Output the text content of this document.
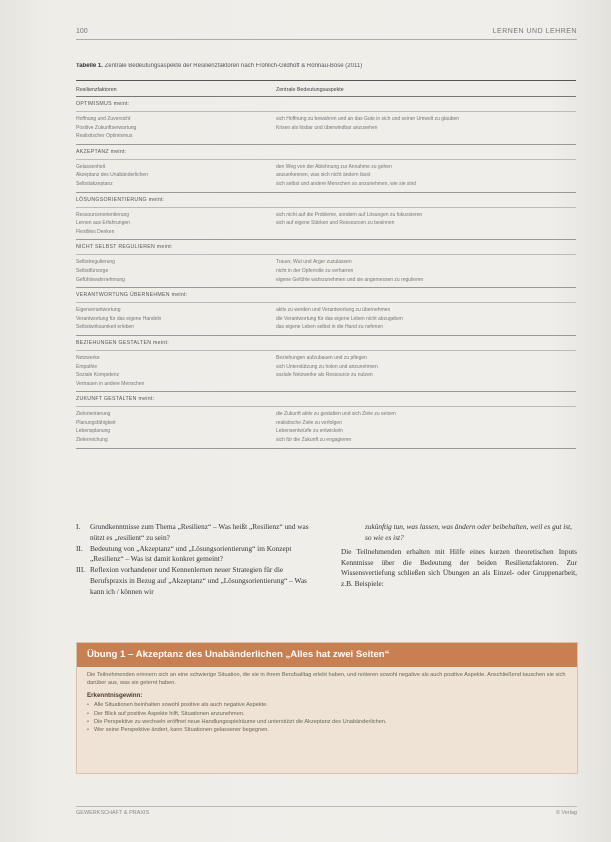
100	LERNEN UND LEHREN
Tabelle 1. Zentrale Bedeutungsaspekte der Resilienzfaktoren nach Fröhlich-Gildhoff & Rönnau-Böse (2011)
Resilienzfaktoren	Zentrale Bedeutungsaspekte
OPTIMISMUS meint:
Hoffnung und Zuversicht	sich Hoffnung zu bewahren und an das Gute in sich und seiner Umwelt zu glauben
Positive Zukunftserwartung	Krisen als lösbar und überwindbar anzusehen
Realistischer Optimismus
AKZEPTANZ meint:
Gelassenheit	den Weg von der Ablehnung zur Annahme zu gehen
Akzeptanz des Unabänderlichen	anzuerkennen, was sich nicht ändern lässt
Selbstakzeptanz	sich selbst und andere Menschen so anzunehmen, wie sie sind
LÖSUNGSORIENTIERUNG meint:
Ressourcenorientierung	sich nicht auf die Probleme, sondern auf Lösungen zu fokussieren
Lernen aus Erfahrungen	sich auf eigene Stärken und Ressourcen zu besinnen
Flexibles Denken
NICHT SELBST REGULIEREN meint:
Selbstregulierung	Trauer, Wut und Ärger zuzulassen
Selbstfürsorge	nicht in der Opferrolle zu verharren
Gefühlswahrnehmung	eigene Gefühle wahrzunehmen und sie angemessen zu regulieren
VERANTWORTUNG ÜBERNEHMEN meint:
Eigenverantwortung	aktiv zu werden und Verantwortung zu übernehmen
Verantwortung für das eigene Handeln	die Verantwortung für das eigene Leben nicht abzugeben
Selbstwirksamkeit erleben	das eigene Leben selbst in die Hand zu nehmen
BEZIEHUNGEN GESTALTEN meint:
Netzwerke	Beziehungen aufzubauen und zu pflegen
Empathie	sich Unterstützung zu holen und anzunehmen
Soziale Kompetenz	soziale Netzwerke als Ressource zu nutzen
Vertrauen in andere Menschen
ZUKUNFT GESTALTEN meint:
Zielorientierung	die Zukunft aktiv zu gestalten und sich Ziele zu setzen
Planungsfähigkeit	realistische Ziele zu verfolgen
Lebensplanung	Lebensentwürfe zu entwickeln
Zielerreichung	sich für die Zukunft zu engagieren
I. Grundkenntnisse zum Thema „Resilienz“ – Was heißt „Resilienz“ und was nützt es „resilient“ zu sein?
II. Bedeutung von „Akzeptanz“ und „Lösungsorientierung“ im Konzept „Resilienz“ – Was ist damit konkret gemeint?
III. Reflexion vorhandener und Kennenlernen neuer Strategien für die Berufspraxis in Bezug auf „Akzeptanz“ und „Lösungsorientierung“ – Was kann ich / können wir
zukünftig tun, was lassen, was ändern oder beibehalten, weil es gut ist, so wie es ist?

Die Teilnehmenden erhalten mit Hilfe eines kurzen theoretischen Inputs Kenntnisse über die Bedeutung der beiden Resilienzfaktoren. Zur Wissensvertiefung schließen sich Übungen an als Einzel- oder Gruppenarbeit, z.B. Beispiele:

Übung 1 – Akzeptanz des Unabänderlichen „Alles hat zwei Seiten“
Die Teilnehmenden erinnern sich an eine schwierige Situation, die sie in ihrem Berufsalltag erlebt haben, und notieren sowohl negative als auch positive Aspekte. Anschließend tauschen sie sich darüber aus, was sie gelernt haben.
Erkenntnisgewinn:
• Alle Situationen beinhalten sowohl positive als auch negative Aspekte.
• Der Blick auf positive Aspekte hilft, Situationen anzunehmen.
• Die Perspektive zu wechseln eröffnet neue Handlungsspielräume und unterstützt die Akzeptanz des Unabänderlichen.
• Wer seine Perspektive ändert, kann Situationen gelassener begegnen.
GEWERKSCHAFT & PRAXIS	© Verlag
